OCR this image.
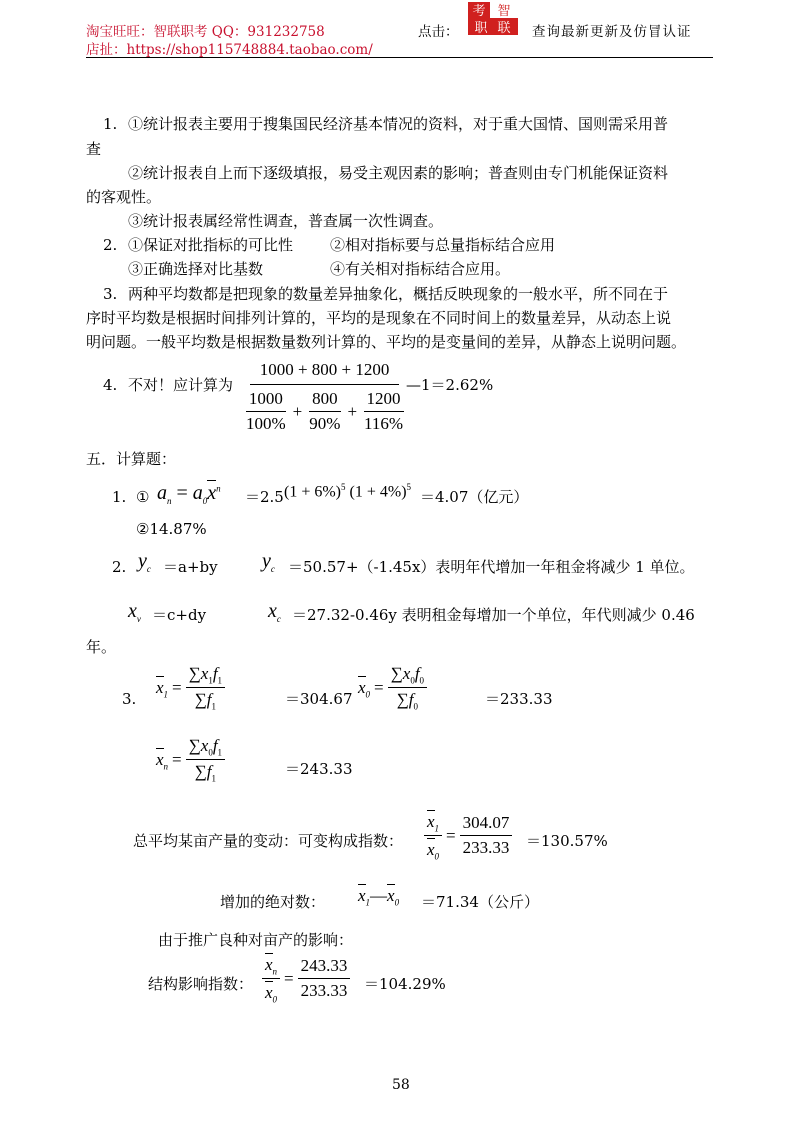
淘宝旺旺：智联职考 QQ：931232758
店扯：https://shop115748884.taobao.com/
点击：
考 智
职 联 查询最新更新及仿冒认证
1. ①统计报表主要用于搜集国民经济基本情况的资料，对于重大国情、国则需采用普
查
②统计报表自上而下逐级填报，易受主观因素的影响；普查则由专门机能保证资料
的客观性。
③统计报表属经常性调查，普查属一次性调查。
2. ①保证对批指标的可比性 ②相对指标要与总量指标结合应用
③正确选择对比基数	④有关相对指标结合应用。
3. 两种平均数都是把现象的数量差异抽象化，概括反映现象的一般水平，所不同在于
序时平均数是根据时间排列计算的，平均的是现象在不同时间上的数量差异，从动态上说
明问题。一般平均数是根据数量数列计算的、平均的是变量间的差异，从静态上说明问题。
4. 不对！应计算为 $\frac{1000 + 800 + 1200}{\frac{1000}{100\%} + \frac{800}{90\%} + \frac{1200}{116\%}}$
—1＝2.62%
五．计算题：
1. ① $a_n = a_0x^n =2.5$ $(1 + 6\%)^5$ $(1 + 4\%)^5$
＝4.07（亿元）
②14.87%
2. $y_c =a+by$ $y_c =50.57+(-1.45x)$表明年代增加一年租金将减少 1 单位。
$x_v =c+dy$	$x_c =27.32-0.46y$ 表明租金每增加一个单位，年代则减少 0.46
年。
3.
$x_1 = \frac{\sum x_1f_1}{\sum f_1}$	＝304.67
$x_0 = \frac{\sum x_0f_0}{\sum f_0}$	＝233.33
$x_n = \frac{\sum x_0f_1}{\sum f_1}$	＝243.33
总平均某亩产量的变动：可变构成指数： $\frac{x_1}{x_0} = \frac{304.07}{233.33} =130.57\%$
增加的绝对数： $x_1—x_0 =71.34$（公斤）
由于推广良种对亩产的影响：
结构影响指数： $\frac{x_n}{x_0} = \frac{243.33}{233.33} =104.29\%$
58
